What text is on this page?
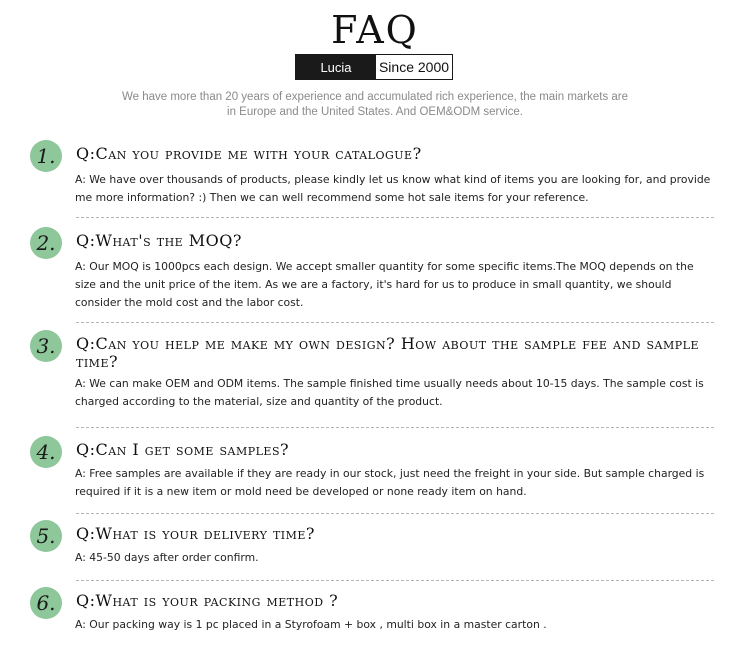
FAQ
Lucia	Since 2000
We have more than 20 years of experience and accumulated rich experience, the main markets are
in Europe and the United States. And OEM&ODM service.
1.	Q:Can you provide me with your catalogue?
A: We have over thousands of products, please kindly let us know what kind of items you are looking for, and provide me more information? :) Then we can well recommend some hot sale items for your reference.
2.	Q:What's the MOQ?
A: Our MOQ is 1000pcs each design. We accept smaller quantity for some specific items.The MOQ depends on the size and the unit price of the item. As we are a factory, it's hard for us to produce in small quantity, we should consider the mold cost and the labor cost.
3.	Q:Can you help me make my own design? How about the sample fee and sample time?
A: We can make OEM and ODM items. The sample finished time usually needs about 10-15 days. The sample cost is charged according to the material, size and quantity of the product.
4.	Q:Can I get some samples?
A: Free samples are available if they are ready in our stock, just need the freight in your side. But sample charged is required if it is a new item or mold need be developed or none ready item on hand.
5.	Q:What is your delivery time?
A: 45-50 days after order confirm.
6.	Q:What is your packing method ?
A: Our packing way is 1 pc placed in a Styrofoam + box , multi box in a master carton .
